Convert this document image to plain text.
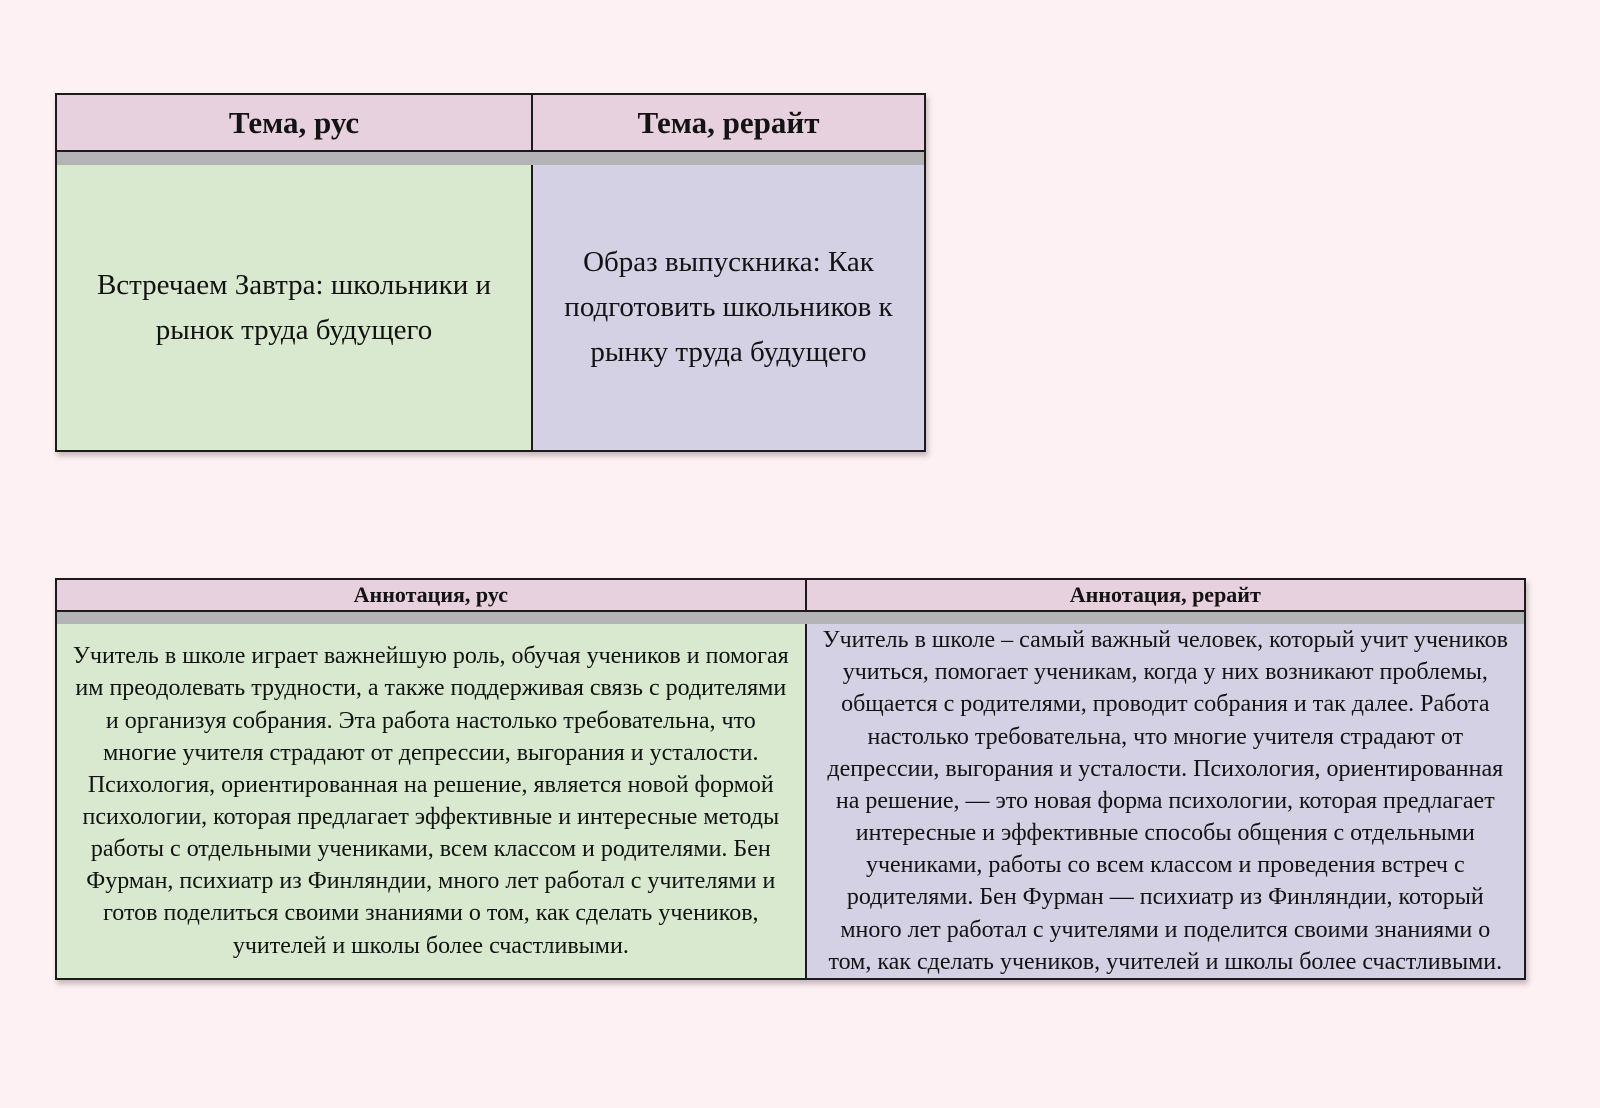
Тема, рус	Тема, рерайт
Встречаем Завтра: школьники и рынок труда будущего
Образ выпускника: Как подготовить школьников к рынку труда будущего
Аннотация, рус	Аннотация, рерайт
Учитель в школе играет важнейшую роль, обучая учеников и помогая им преодолевать трудности, а также поддерживая связь с родителями и организуя собрания. Эта работа настолько требовательна, что многие учителя страдают от депрессии, выгорания и усталости. Психология, ориентированная на решение, является новой формой психологии, которая предлагает эффективные и интересные методы работы с отдельными учениками, всем классом и родителями. Бен Фурман, психиатр из Финляндии, много лет работал с учителями и готов поделиться своими знаниями о том, как сделать учеников, учителей и школы более счастливыми.
Учитель в школе – самый важный человек, который учит учеников учиться, помогает ученикам, когда у них возникают проблемы, общается с родителями, проводит собрания и так далее. Работа настолько требовательна, что многие учителя страдают от депрессии, выгорания и усталости. Психология, ориентированная на решение, — это новая форма психологии, которая предлагает интересные и эффективные способы общения с отдельными учениками, работы со всем классом и проведения встреч с родителями. Бен Фурман — психиатр из Финляндии, который много лет работал с учителями и поделится своими знаниями о том, как сделать учеников, учителей и школы более счастливыми.
